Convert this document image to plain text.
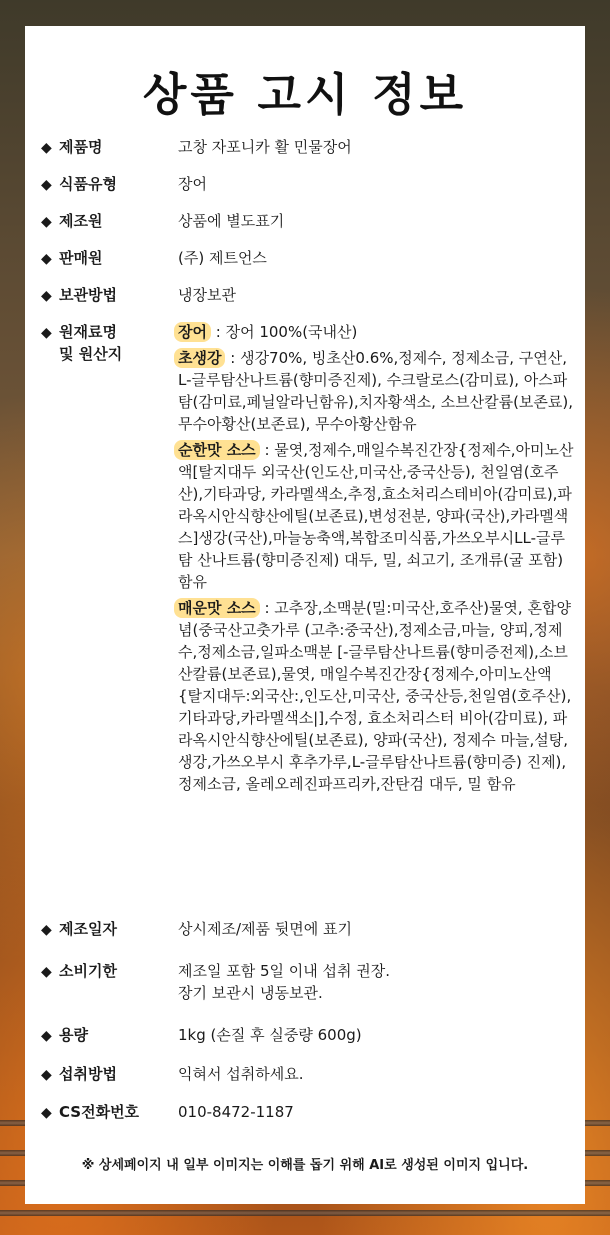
상품 고시 정보
◆ 제품명	고창 자포니카 활 민물장어
◆ 식품유형	장어
◆ 제조원	상품에 별도표기
◆ 판매원	(주) 제트언스
◆ 보관방법	냉장보관
◆ 원재료명
및 원산지

장어 : 장어 100%(국내산)

초생강 : 생강70%, 빙초산0.6%,정제수, 정제소금, 구연산, L-글루탐산나트륨(향미증진제), 수크랄로스(감미료), 아스파탐(감미료,페닐알라닌함유),치자황색소, 소브산칼륨(보존료), 무수아황산(보존료), 무수아황산함유

순한맛 소스 : 물엿,정제수,매일수복진간장{정제수,아미노산액[탈지대두 외국산(인도산,미국산,중국산등), 천일염(호주산),기타과당, 카라멜색소,추정,효소처리스테비아(감미료),파라옥시안식향산에틸(보존료),변성전분, 양파(국산),카라멜색스]생강(국산),마늘농축액,복합조미식품,가쓰오부시LL-글루탐 산나트륨(향미증진제) 대두, 밀, 쇠고기, 조개류(굴 포함) 함유

매운맛 소스 : 고추장,소맥분(밀:미국산,호주산)물엿, 혼합양념(중국산고춧가루 (고추:중국산),정제소금,마늘, 양피,정제수,정제소금,일파소맥분 [-글루탐산나트륨(향미증전제),소브산칼륨(보존료),물엿, 매일수복진간장{정제수,아미노산액{탈지대두:외국산:,인도산,미국산, 중국산등,천일염(호주산),기타과당,카라멜색소|],수정, 효소처리스터 비아(감미료), 파라옥시안식향산에틸(보존료), 양파(국산), 정제수 마늘,설탕, 생강,가쓰오부시 후추가루,L-글루탐산나트륨(향미증) 진제), 정제소금, 올레오레진파프리카,잔탄검 대두, 밀 함유

◆ 제조일자	상시제조/제품 뒷면에 표기
◆ 소비기한	제조일 포함 5일 이내 섭취 권장.
장기 보관시 냉동보관.
◆ 용량	1kg (손질 후 실중량 600g)
◆ 섭취방법	익혀서 섭취하세요.
◆ CS전화번호	010-8472-1187
※ 상세페이지 내 일부 이미지는 이해를 돕기 위해 AI로 생성된 이미지 입니다.
